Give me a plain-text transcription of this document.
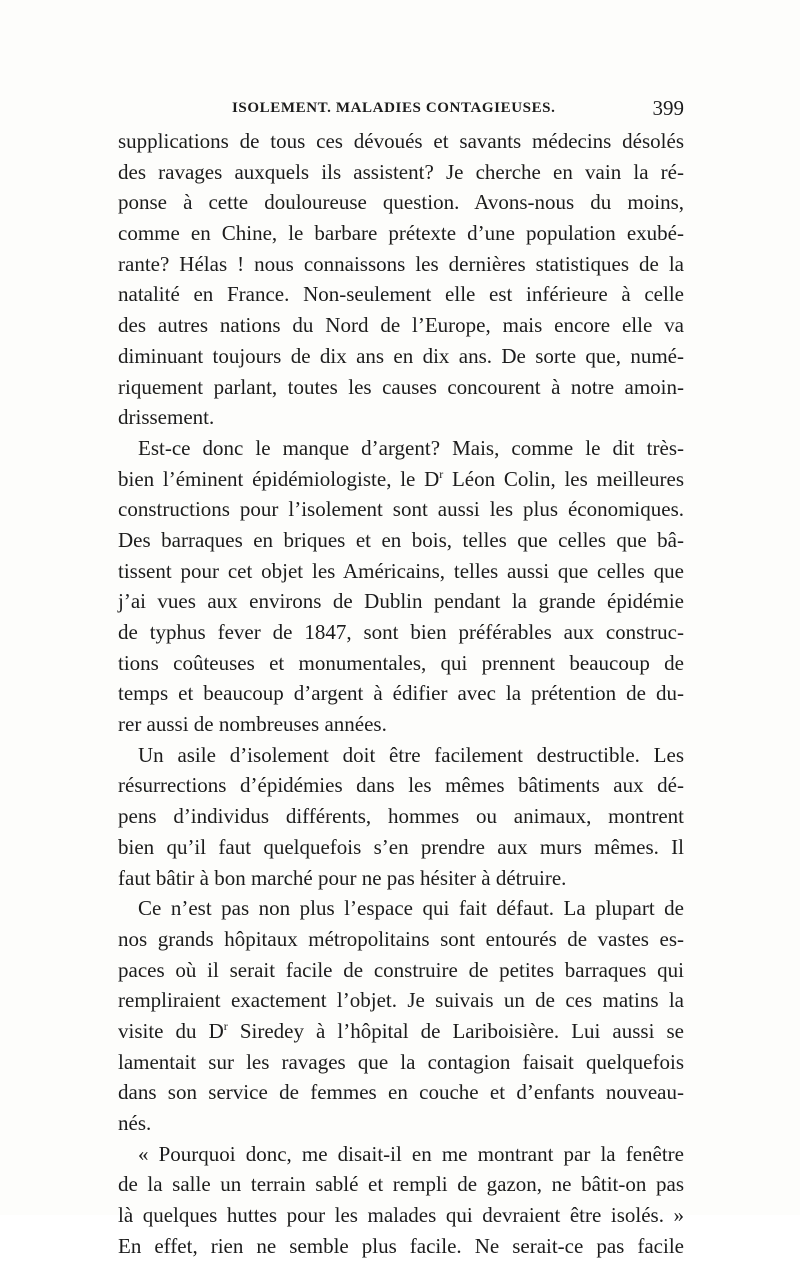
ISOLEMENT. MALADIES CONTAGIEUSES.	399
supplications de tous ces dévoués et savants médecins désolés
des ravages auxquels ils assistent? Je cherche en vain la ré-
ponse à cette douloureuse question. Avons-nous du moins,
comme en Chine, le barbare prétexte d’une population exubé-
rante? Hélas ! nous connaissons les dernières statistiques de la
natalité en France. Non-seulement elle est inférieure à celle
des autres nations du Nord de l’Europe, mais encore elle va
diminuant toujours de dix ans en dix ans. De sorte que, numé-
riquement parlant, toutes les causes concourent à notre amoin-
drissement.
Est-ce donc le manque d’argent? Mais, comme le dit très-
bien l’éminent épidémiologiste, le $D^r$ Léon Colin, les meilleures
constructions pour l’isolement sont aussi les plus économiques.
Des barraques en briques et en bois, telles que celles que bâ-
tissent pour cet objet les Américains, telles aussi que celles que
j’ai vues aux environs de Dublin pendant la grande épidémie
de typhus fever de 1847, sont bien préférables aux construc-
tions coûteuses et monumentales, qui prennent beaucoup de
temps et beaucoup d’argent à édifier avec la prétention de du-
rer aussi de nombreuses années.
Un asile d’isolement doit être facilement destructible. Les
résurrections d’épidémies dans les mêmes bâtiments aux dé-
pens d’individus différents, hommes ou animaux, montrent
bien qu’il faut quelquefois s’en prendre aux murs mêmes. Il
faut bâtir à bon marché pour ne pas hésiter à détruire.
Ce n’est pas non plus l’espace qui fait défaut. La plupart de
nos grands hôpitaux métropolitains sont entourés de vastes es-
paces où il serait facile de construire de petites barraques qui
rempliraient exactement l’objet. Je suivais un de ces matins la
visite du $D^r$ Siredey à l’hôpital de Lariboisière. Lui aussi se
lamentait sur les ravages que la contagion faisait quelquefois
dans son service de femmes en couche et d’enfants nouveau-
nés.
« Pourquoi donc, me disait-il en me montrant par la fenêtre
de la salle un terrain sablé et rempli de gazon, ne bâtit-on pas
là quelques huttes pour les malades qui devraient être isolés. »
En effet, rien ne semble plus facile. Ne serait-ce pas facile
